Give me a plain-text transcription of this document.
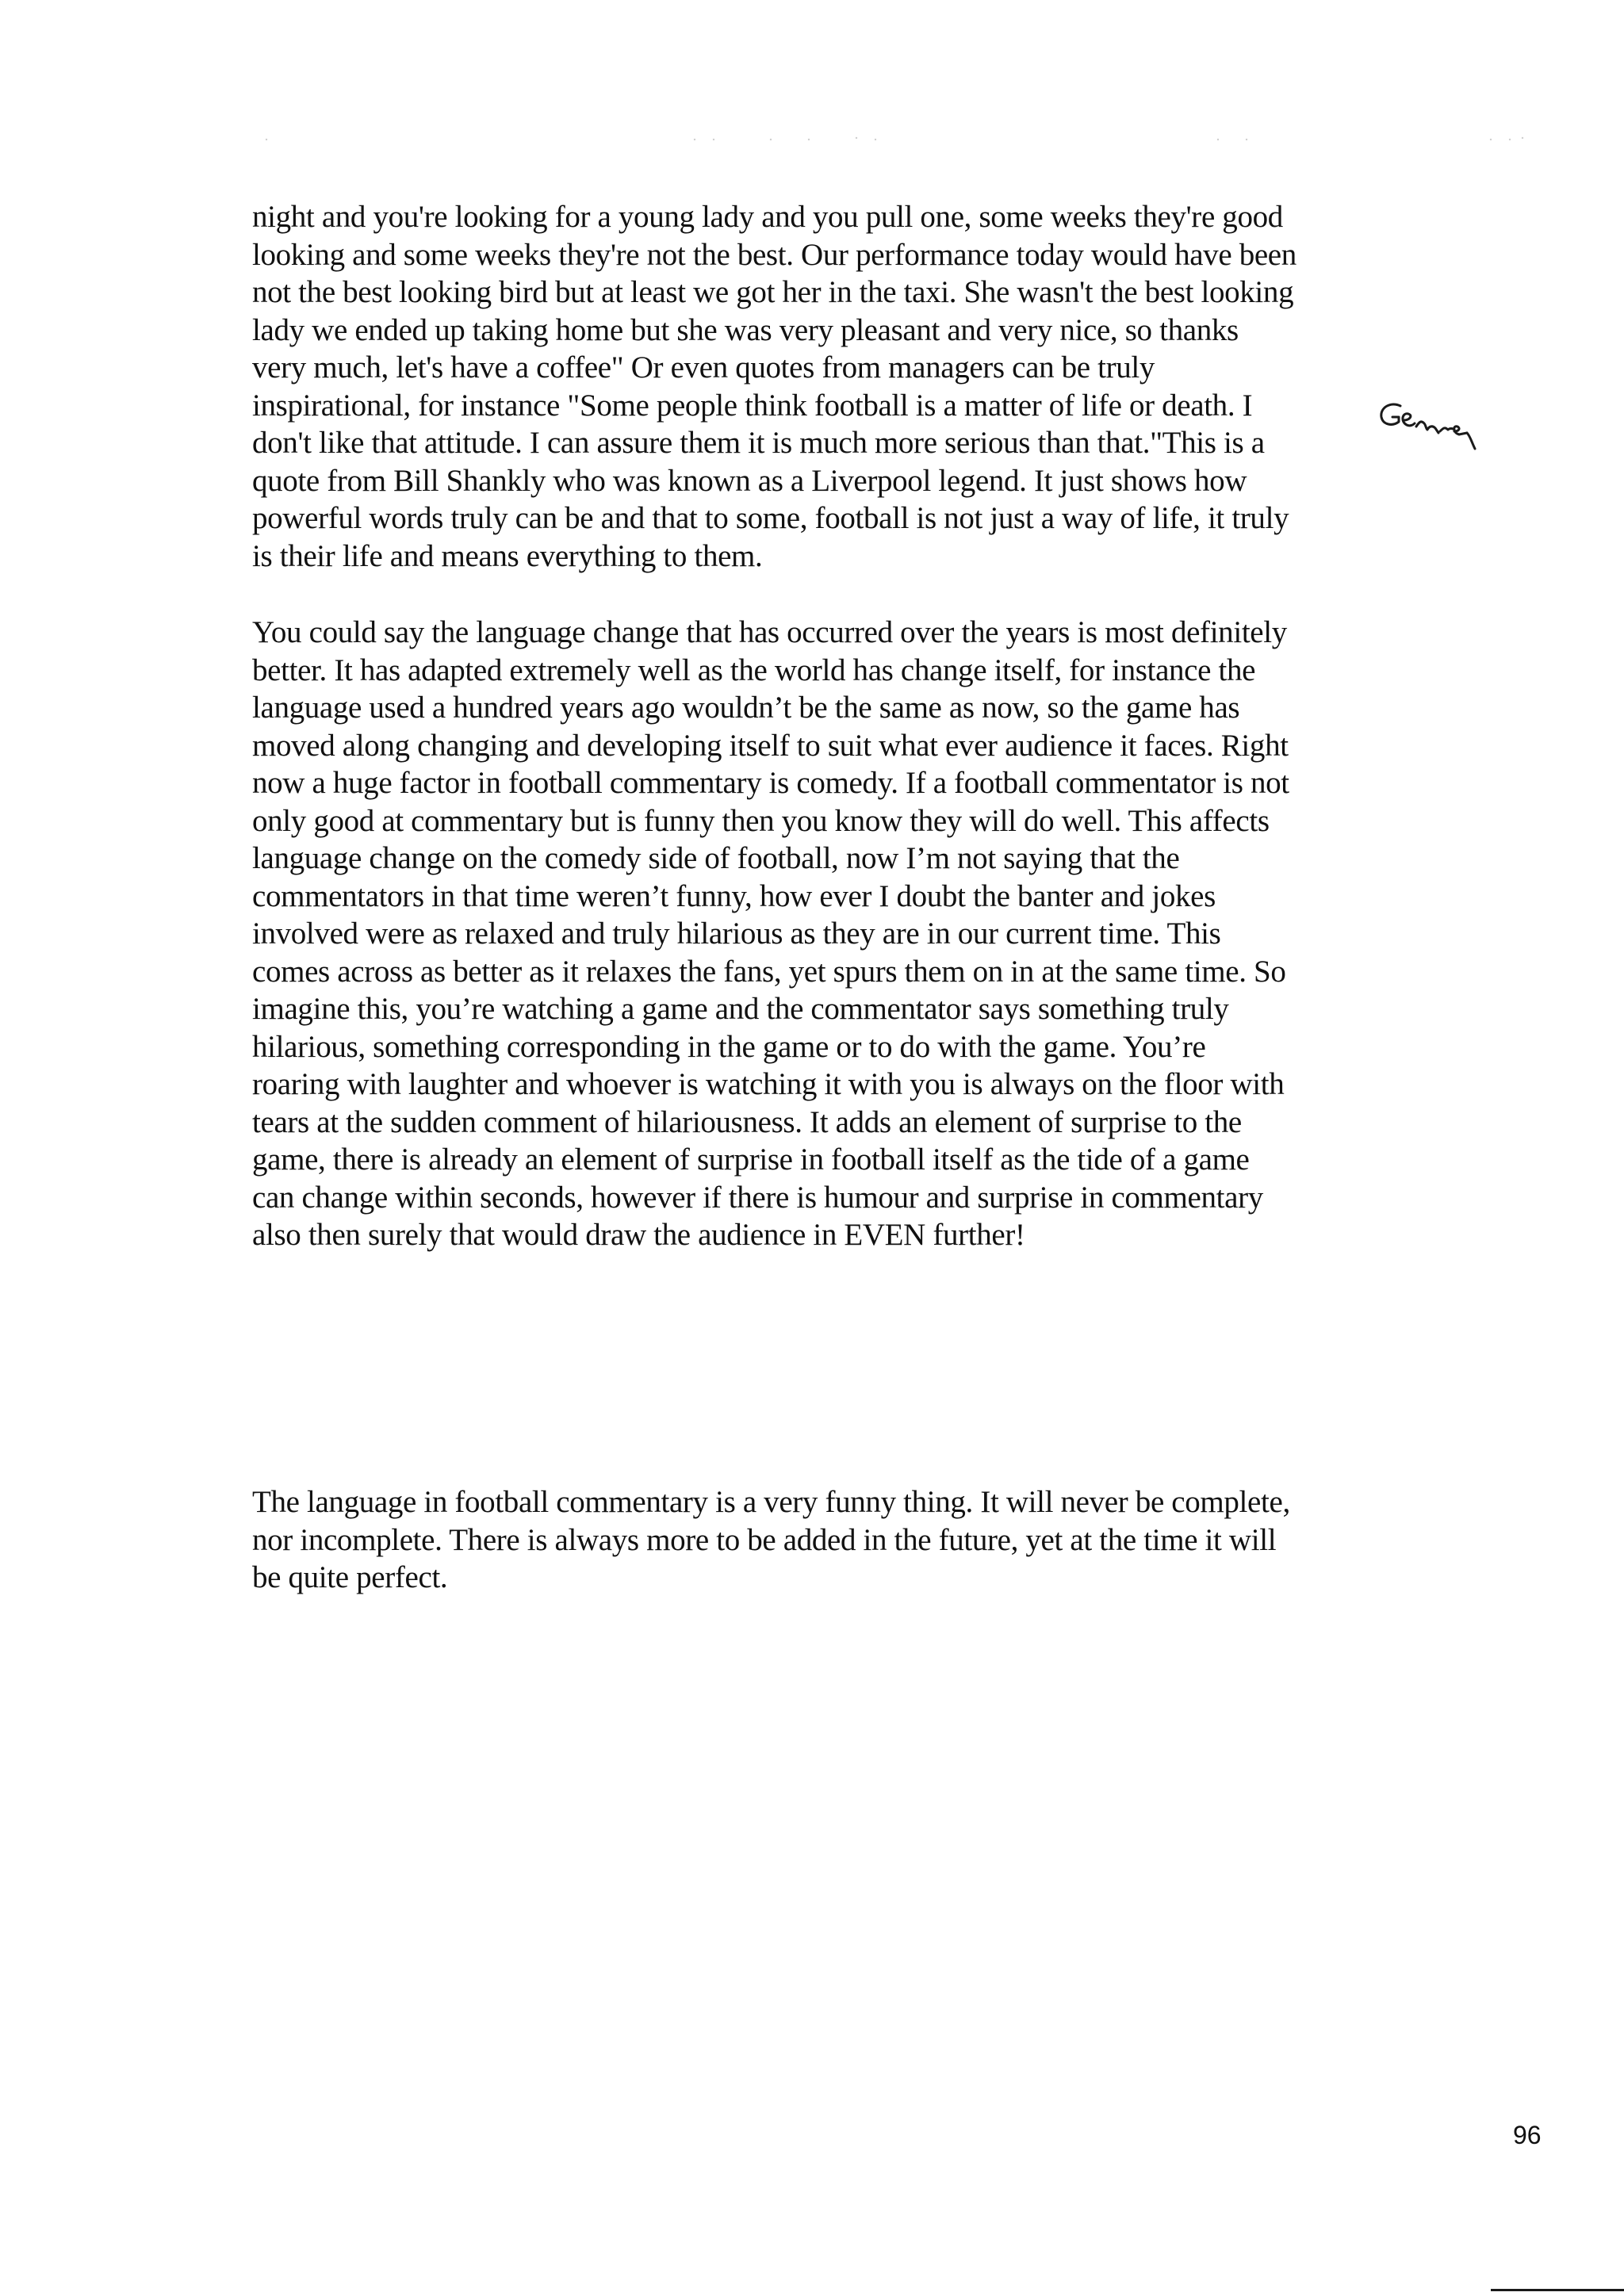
night and you're looking for a young lady and you pull one, some weeks they're good
looking and some weeks they're not the best. Our performance today would have been
not the best looking bird but at least we got her in the taxi. She wasn't the best looking
lady we ended up taking home but she was very pleasant and very nice, so thanks
very much, let's have a coffee" Or even quotes from managers can be truly
inspirational, for instance "Some people think football is a matter of life or death. I
don't like that attitude. I can assure them it is much more serious than that."This is a
quote from Bill Shankly who was known as a Liverpool legend. It just shows how
powerful words truly can be and that to some, football is not just a way of life, it truly
is their life and means everything to them.

You could say the language change that has occurred over the years is most definitely
better. It has adapted extremely well as the world has change itself, for instance the
language used a hundred years ago wouldn’t be the same as now, so the game has
moved along changing and developing itself to suit what ever audience it faces. Right
now a huge factor in football commentary is comedy. If a football commentator is not
only good at commentary but is funny then you know they will do well. This affects
language change on the comedy side of football, now I’m not saying that the
commentators in that time weren’t funny, how ever I doubt the banter and jokes
involved were as relaxed and truly hilarious as they are in our current time. This
comes across as better as it relaxes the fans, yet spurs them on in at the same time. So
imagine this, you’re watching a game and the commentator says something truly
hilarious, something corresponding in the game or to do with the game. You’re
roaring with laughter and whoever is watching it with you is always on the floor with
tears at the sudden comment of hilariousness. It adds an element of surprise to the
game, there is already an element of surprise in football itself as the tide of a game
can change within seconds, however if there is humour and surprise in commentary
also then surely that would draw the audience in EVEN further!

The language in football commentary is a very funny thing. It will never be complete,
nor incomplete. There is always more to be added in the future, yet at the time it will
be quite perfect.

96
